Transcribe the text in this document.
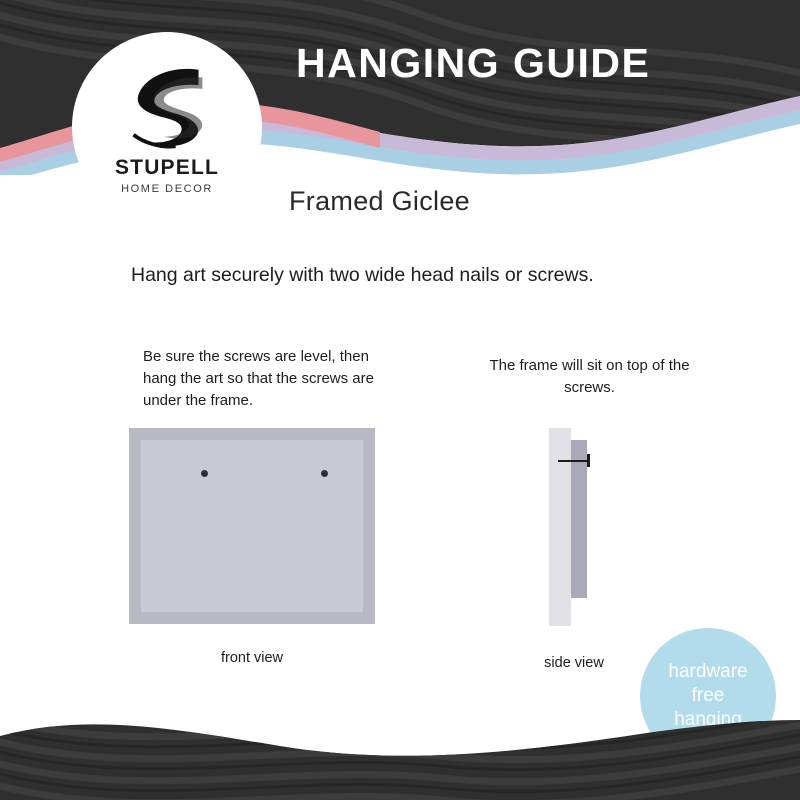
STUPELL
HOME DECOR
HANGING GUIDE
Framed Giclee
Hang art securely with two wide head nails or screws.
Be sure the screws are level, then hang the art so that the screws are under the frame.
The frame will sit on top of the screws.
front view	side view	hardware
free
hanging
